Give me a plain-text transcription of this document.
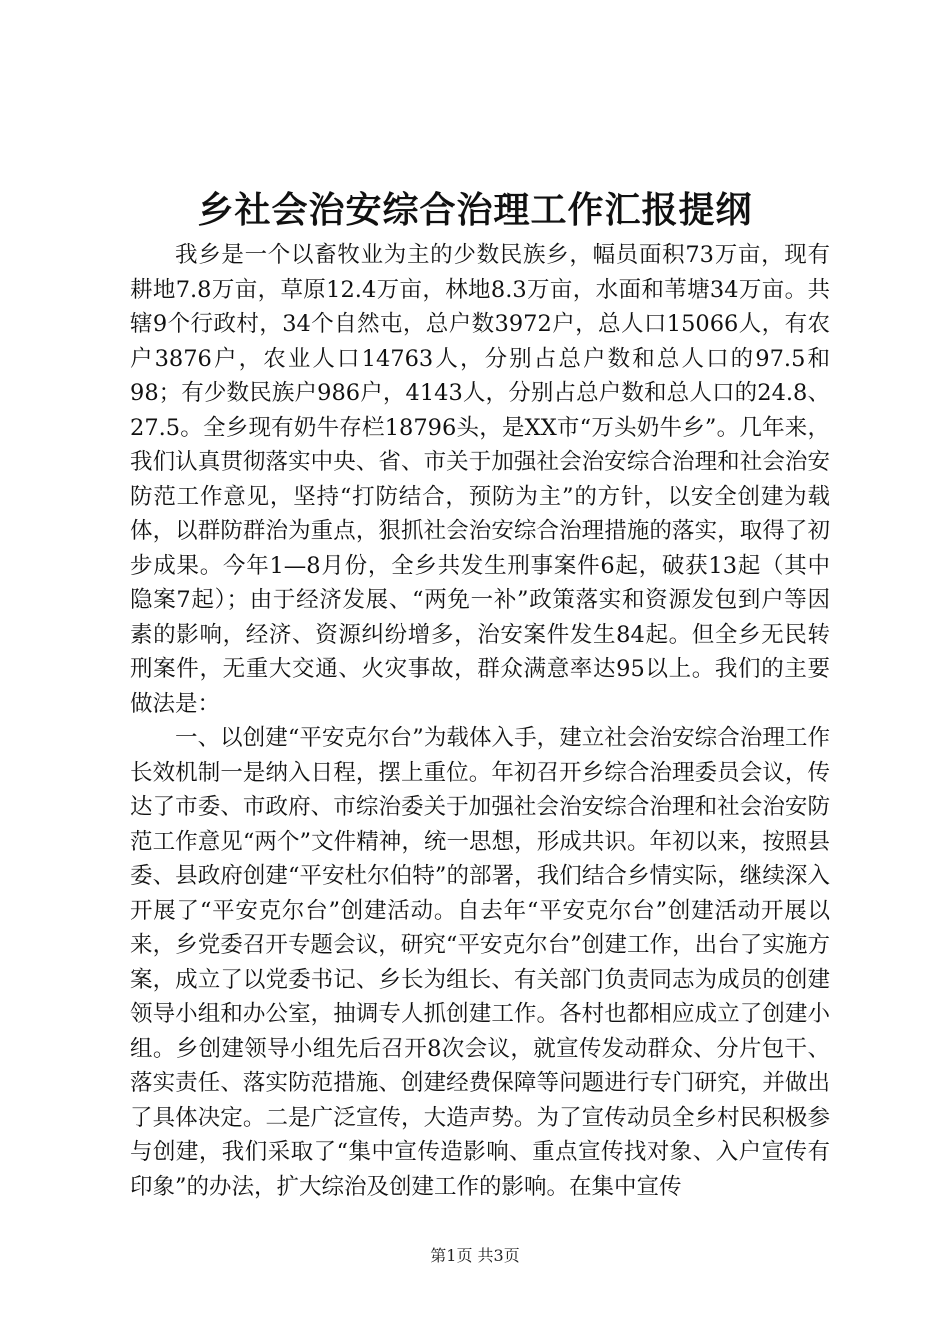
乡社会治安综合治理工作汇报提纲

我乡是一个以畜牧业为主的少数民族乡，幅员面积73万亩，现有耕地7.8万亩，草原12.4万亩，林地8.3万亩，水面和苇塘34万亩。共辖9个行政村，34个自然屯，总户数3972户，总人口15066人，有农户3876户，农业人口14763人，分别占总户数和总人口的97.5和98；有少数民族户986户，4143人，分别占总户数和总人口的24.8、27.5。全乡现有奶牛存栏18796头，是XX市“万头奶牛乡”。几年来，我们认真贯彻落实中央、省、市关于加强社会治安综合治理和社会治安防范工作意见，坚持“打防结合，预防为主”的方针，以安全创建为载体，以群防群治为重点，狠抓社会治安综合治理措施的落实，取得了初步成果。今年1—8月份，全乡共发生刑事案件6起，破获13起（其中隐案7起）；由于经济发展、“两免一补”政策落实和资源发包到户等因素的影响，经济、资源纠纷增多，治安案件发生84起。但全乡无民转刑案件，无重大交通、火灾事故，群众满意率达95以上。我们的主要做法是：

一、以创建“平安克尔台”为载体入手，建立社会治安综合治理工作长效机制一是纳入日程，摆上重位。年初召开乡综合治理委员会议，传达了市委、市政府、市综治委关于加强社会治安综合治理和社会治安防范工作意见“两个”文件精神，统一思想，形成共识。年初以来，按照县委、县政府创建“平安杜尔伯特”的部署，我们结合乡情实际，继续深入开展了“平安克尔台”创建活动。自去年“平安克尔台”创建活动开展以来，乡党委召开专题会议，研究“平安克尔台”创建工作，出台了实施方案，成立了以党委书记、乡长为组长、有关部门负责同志为成员的创建领导小组和办公室，抽调专人抓创建工作。各村也都相应成立了创建小组。乡创建领导小组先后召开8次会议，就宣传发动群众、分片包干、落实责任、落实防范措施、创建经费保障等问题进行专门研究，并做出了具体决定。二是广泛宣传，大造声势。为了宣传动员全乡村民积极参与创建，我们采取了“集中宣传造影响、重点宣传找对象、入户宣传有印象”的办法，扩大综治及创建工作的影响。在集中宣传

第1页 共3页
